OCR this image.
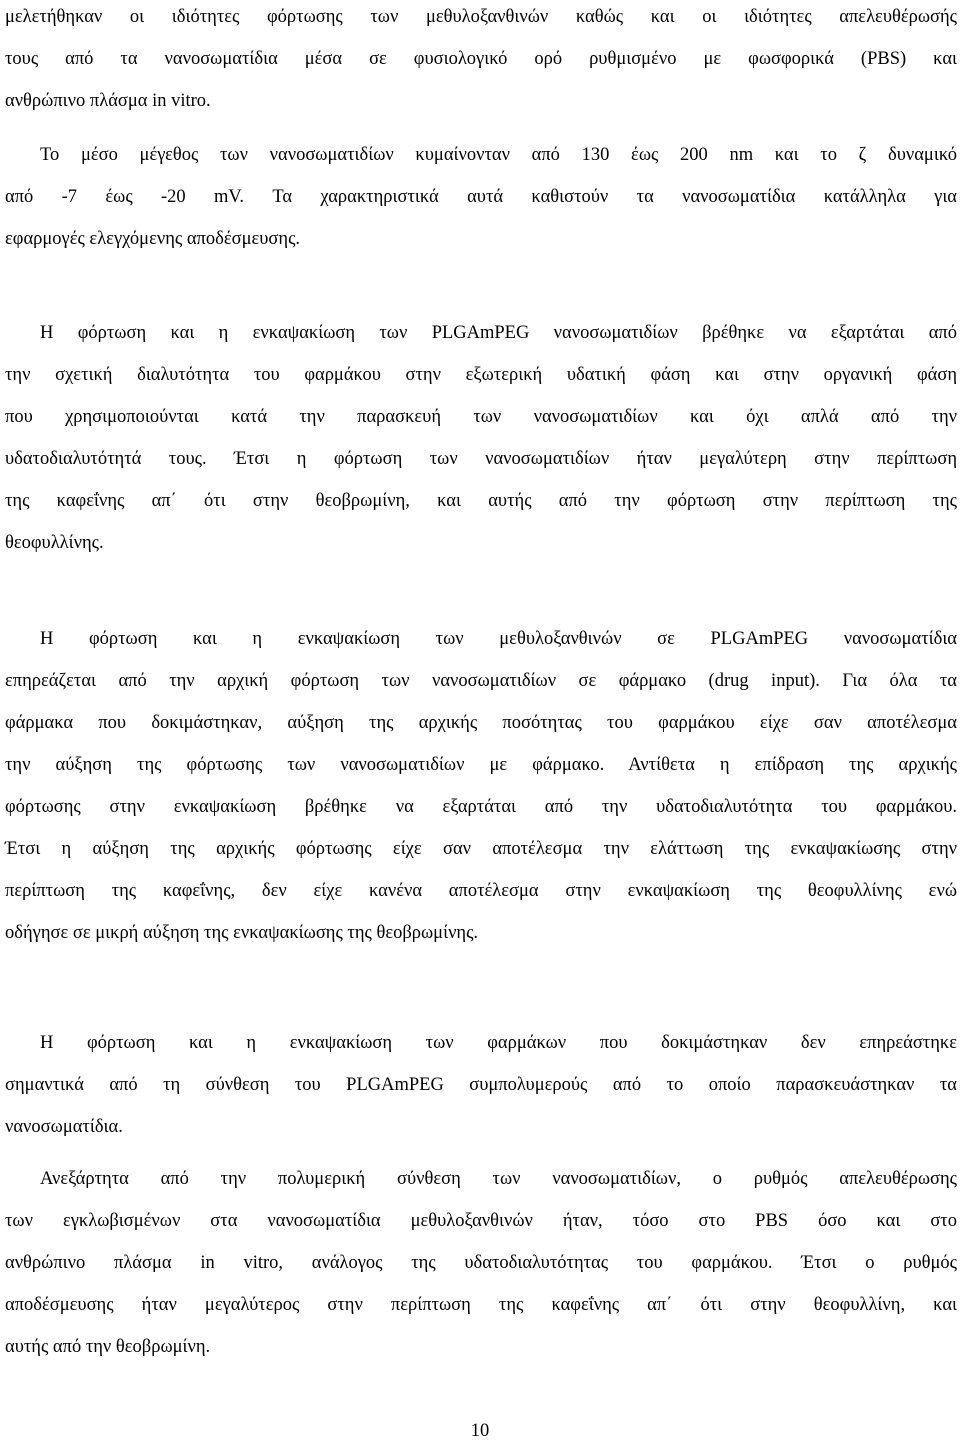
μελετήθηκαν οι ιδιότητες φόρτωσης των μεθυλοξανθινών καθώς και οι ιδιότητες απελευθέρωσής
τους από τα νανοσωματίδια μέσα σε φυσιολογικό ορό ρυθμισμένο με φωσφορικά (PBS) και
ανθρώπινο πλάσμα in vitro.
Το μέσο μέγεθος των νανοσωματιδίων κυμαίνονταν από 130 έως 200 nm και το ζ δυναμικό
από -7 έως -20 mV. Τα χαρακτηριστικά αυτά καθιστούν τα νανοσωματίδια κατάλληλα για
εφαρμογές ελεγχόμενης αποδέσμευσης.
Η φόρτωση και η ενκαψακίωση των PLGAmPEG νανοσωματιδίων βρέθηκε να εξαρτάται από
την σχετική διαλυτότητα του φαρμάκου στην εξωτερική υδατική φάση και στην οργανική φάση
που χρησιμοποιούνται κατά την παρασκευή των νανοσωματιδίων και όχι απλά από την
υδατοδιαλυτότητά τους. Έτσι η φόρτωση των νανοσωματιδίων ήταν μεγαλύτερη στην περίπτωση
της καφεΐνης απ΄ ότι στην θεοβρωμίνη, και αυτής από την φόρτωση στην περίπτωση της
θεοφυλλίνης.
Η φόρτωση και η ενκαψακίωση των μεθυλοξανθινών σε PLGAmPEG νανοσωματίδια
επηρεάζεται από την αρχική φόρτωση των νανοσωματιδίων σε φάρμακο (drug input). Για όλα τα
φάρμακα που δοκιμάστηκαν, αύξηση της αρχικής ποσότητας του φαρμάκου είχε σαν αποτέλεσμα
την αύξηση της φόρτωσης των νανοσωματιδίων με φάρμακο. Αντίθετα η επίδραση της αρχικής
φόρτωσης στην ενκαψακίωση βρέθηκε να εξαρτάται από την υδατοδιαλυτότητα του φαρμάκου.
Έτσι η αύξηση της αρχικής φόρτωσης είχε σαν αποτέλεσμα την ελάττωση της ενκαψακίωσης στην
περίπτωση της καφεΐνης, δεν είχε κανένα αποτέλεσμα στην ενκαψακίωση της θεοφυλλίνης ενώ
οδήγησε σε μικρή αύξηση της ενκαψακίωσης της θεοβρωμίνης.
Η φόρτωση και η ενκαψακίωση των φαρμάκων που δοκιμάστηκαν δεν επηρεάστηκε
σημαντικά από τη σύνθεση του PLGAmPEG συμπολυμερούς από το οποίο παρασκευάστηκαν τα
νανοσωματίδια.
Ανεξάρτητα από την πολυμερική σύνθεση των νανοσωματιδίων, ο ρυθμός απελευθέρωσης
των εγκλωβισμένων στα νανοσωματίδια μεθυλοξανθινών ήταν, τόσο στο PBS όσο και στο
ανθρώπινο πλάσμα in vitro, ανάλογος της υδατοδιαλυτότητας του φαρμάκου. Έτσι ο ρυθμός
αποδέσμευσης ήταν μεγαλύτερος στην περίπτωση της καφεΐνης απ΄ ότι στην θεοφυλλίνη, και
αυτής από την θεοβρωμίνη.
10
